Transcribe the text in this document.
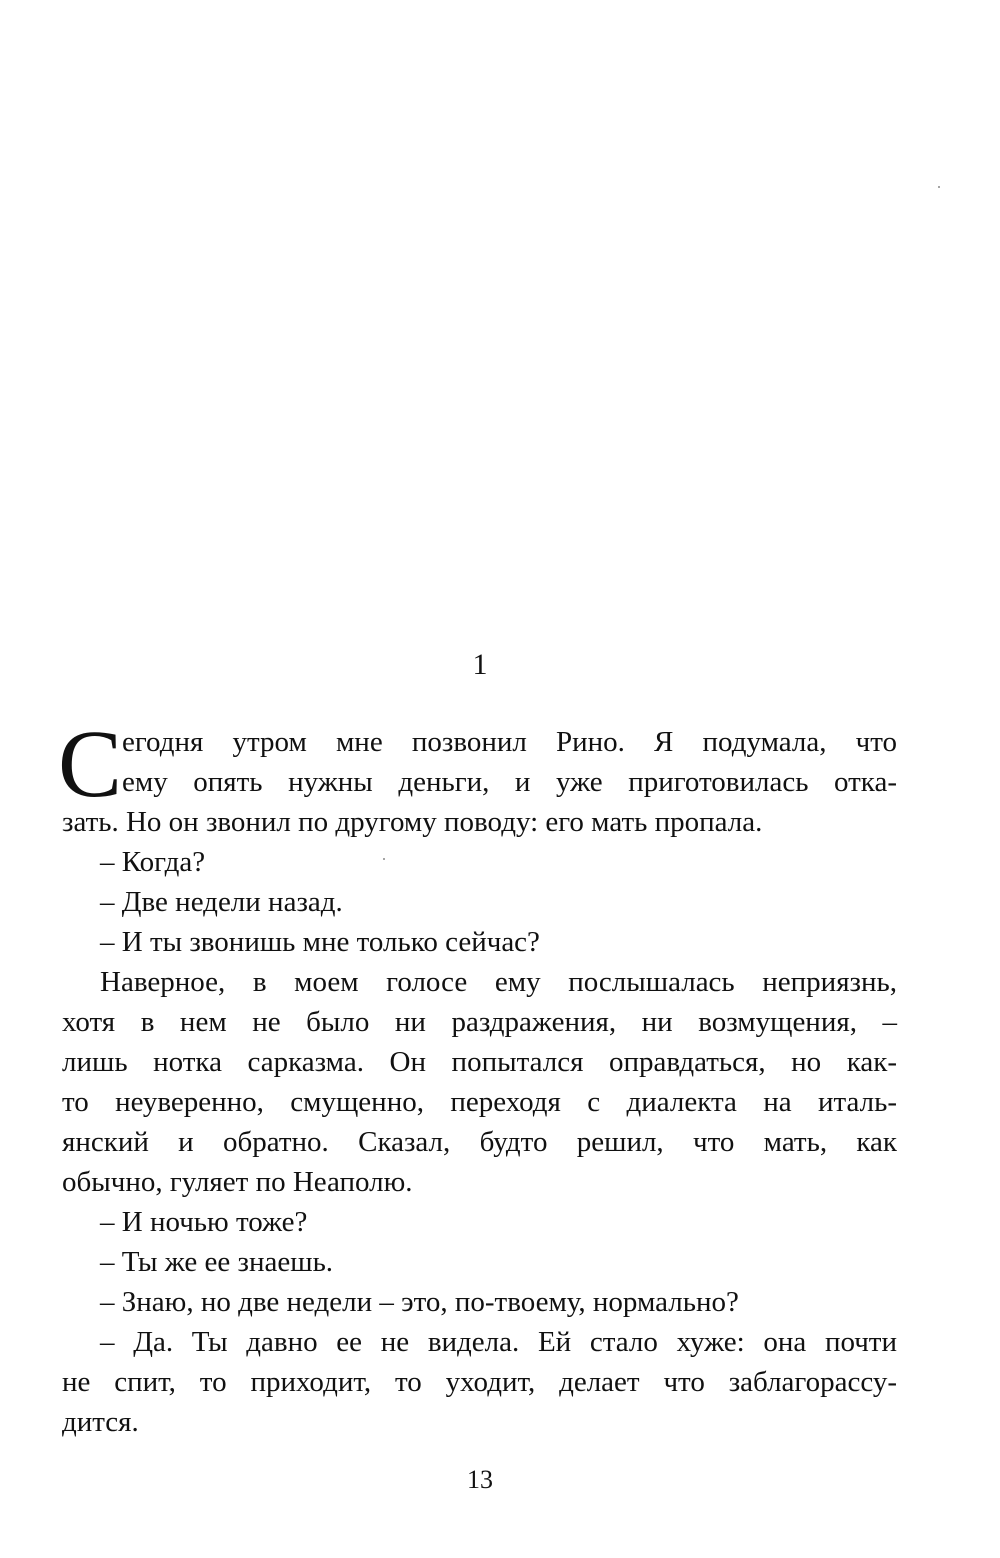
1
С егодня утром мне позвонил Рино. Я подумала, что
ему опять нужны деньги, и уже приготовилась отка-
зать. Но он звонил по другому поводу: его мать пропала.
– Когда?
– Две недели назад.
– И ты звонишь мне только сейчас?
Наверное, в моем голосе ему послышалась неприязнь,
хотя в нем не было ни раздражения, ни возмущения, –
лишь нотка сарказма. Он попытался оправдаться, но как-
то неуверенно, смущенно, переходя с диалекта на италь-
янский и обратно. Сказал, будто решил, что мать, как
обычно, гуляет по Неаполю.
– И ночью тоже?
– Ты же ее знаешь.
– Знаю, но две недели – это, по-твоему, нормально?
– Да. Ты давно ее не видела. Ей стало хуже: она почти
не спит, то приходит, то уходит, делает что заблагорассу-
дится.
13
